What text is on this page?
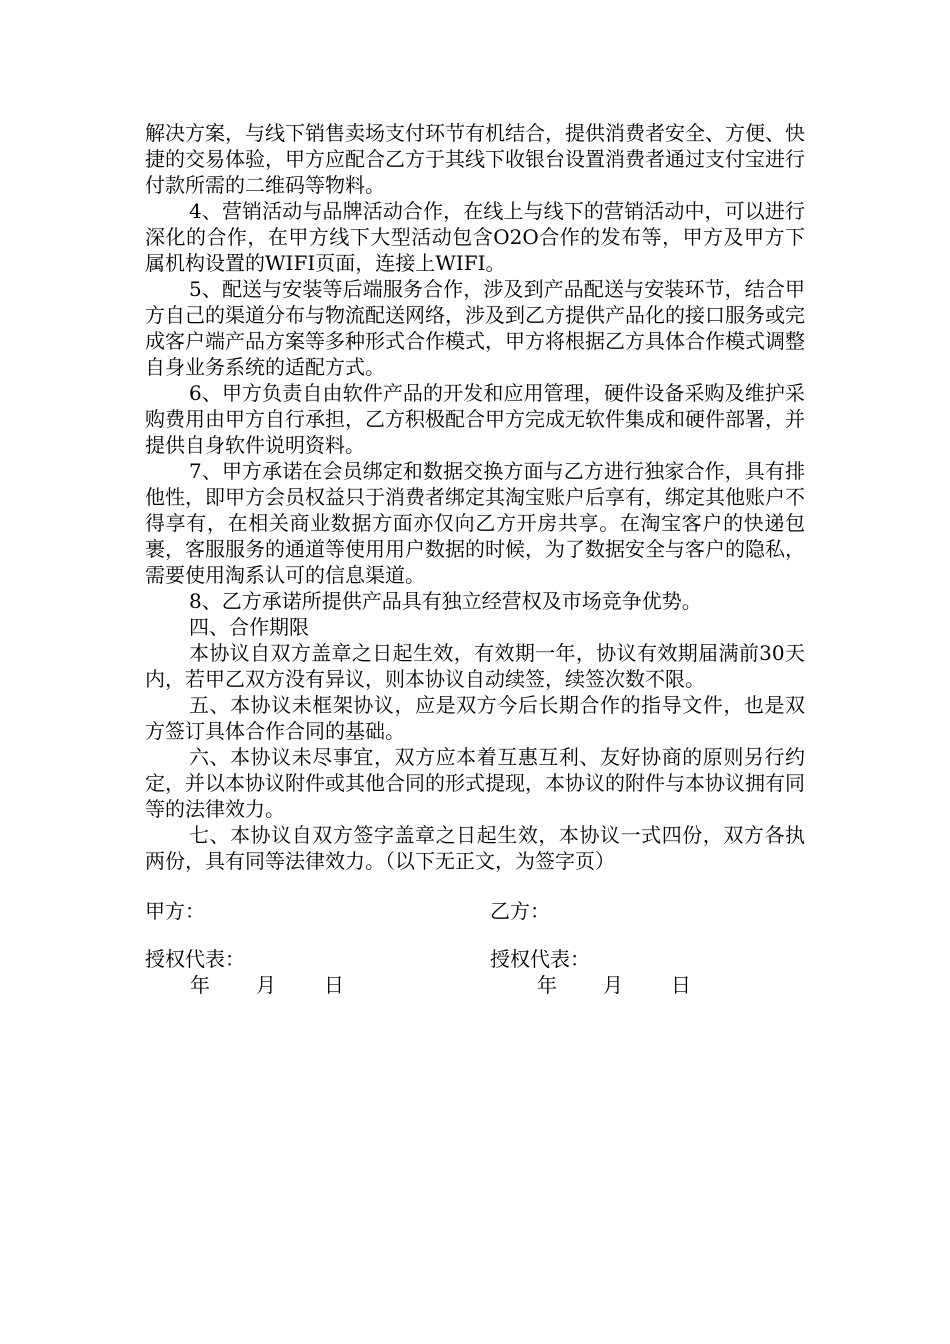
解决方案，与线下销售卖场支付环节有机结合，提供消费者安全、方便、快捷的交易体验，甲方应配合乙方于其线下收银台设置消费者通过支付宝进行付款所需的二维码等物料。

4、营销活动与品牌活动合作，在线上与线下的营销活动中，可以进行深化的合作，在甲方线下大型活动包含O2O合作的发布等，甲方及甲方下属机构设置的WIFI页面，连接上WIFI。

5、配送与安装等后端服务合作，涉及到产品配送与安装环节，结合甲方自己的渠道分布与物流配送网络，涉及到乙方提供产品化的接口服务或完成客户端产品方案等多种形式合作模式，甲方将根据乙方具体合作模式调整自身业务系统的适配方式。

6、甲方负责自由软件产品的开发和应用管理，硬件设备采购及维护采购费用由甲方自行承担，乙方积极配合甲方完成无软件集成和硬件部署，并提供自身软件说明资料。

7、甲方承诺在会员绑定和数据交换方面与乙方进行独家合作，具有排他性，即甲方会员权益只于消费者绑定其淘宝账户后享有，绑定其他账户不得享有，在相关商业数据方面亦仅向乙方开房共享。在淘宝客户的快递包裹，客服服务的通道等使用用户数据的时候，为了数据安全与客户的隐私，需要使用淘系认可的信息渠道。

8、乙方承诺所提供产品具有独立经营权及市场竞争优势。

四、合作期限

本协议自双方盖章之日起生效，有效期一年，协议有效期届满前30天内，若甲乙双方没有异议，则本协议自动续签，续签次数不限。

五、本协议未框架协议，应是双方今后长期合作的指导文件，也是双方签订具体合作合同的基础。

六、本协议未尽事宜，双方应本着互惠互利、友好协商的原则另行约定，并以本协议附件或其他合同的形式提现，本协议的附件与本协议拥有同等的法律效力。

七、本协议自双方签字盖章之日起生效，本协议一式四份，双方各执两份，具有同等法律效力。（以下无正文，为签字页）

甲方：	乙方：
授权代表：	授权代表：
年 月 日	年 月 日
